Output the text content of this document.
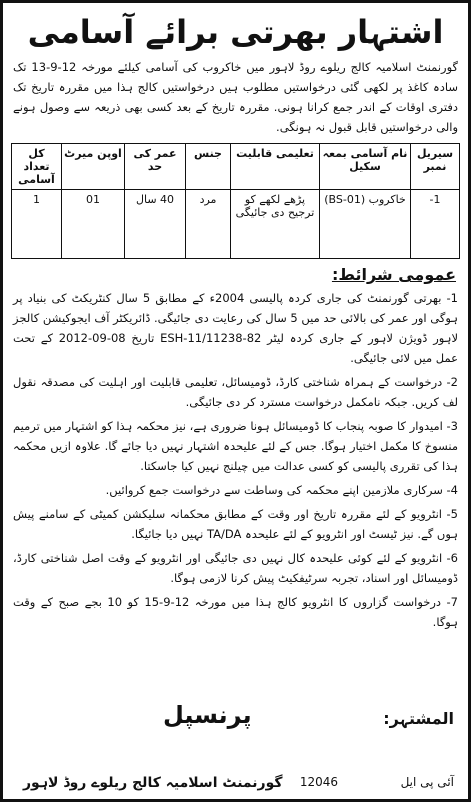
اشتہار بھرتی برائے آسامی
گورنمنٹ اسلامیہ کالج ریلوے روڈ لاہور میں خاکروب کی آسامی کیلئے مورخہ 12-9-13 تک سادہ کاغذ پر لکھی گئی درخواستیں مطلوب ہیں درخواستیں کالج ہذا میں مقررہ تاریخ تک دفتری اوقات کے اندر جمع کرانا ہونی. مقررہ تاریخ کے بعد کسی بھی ذریعہ سے وصول ہونے والی درخواستیں قابل قبول نہ ہونگی.
سیریل نمبر	نام آسامی بمعہ سکیل	تعلیمی قابلیت	جنس	عمر کی حد	اوپن میرٹ	کل تعداد آسامی
1-	خاکروب (BS-01)	پڑھے لکھے کو ترجیح دی جائیگی	مرد	40 سال	01	1
عمومی شرائط:
1- بھرتی گورنمنٹ کی جاری کردہ پالیسی 2004ء کے مطابق 5 سال کنٹریکٹ کی بنیاد پر ہوگی اور عمر کی بالائی حد میں 5 سال کی رعایت دی جائیگی. ڈائریکٹر آف ایجوکیشن کالجز لاہور ڈویژن لاہور کے جاری کردہ لیٹر ESH-11/11238-82 تاریخ 08-09-2012 کے تحت عمل میں لائی جائیگی.
2- درخواست کے ہمراہ شناختی کارڈ، ڈومیسائل، تعلیمی قابلیت اور اہلیت کی مصدقہ نقول لف کریں. جبکہ نامکمل درخواست مسترد کر دی جائیگی.
3- امیدوار کا صوبہ پنجاب کا ڈومیسائل ہونا ضروری ہے، نیز محکمہ ہذا کو اشتہار میں ترمیم منسوخ کا مکمل اختیار ہوگا. جس کے لئے علیحدہ اشتہار نہیں دیا جائے گا. علاوہ ازیں محکمہ ہذا کی تقرری پالیسی کو کسی عدالت میں چیلنج نہیں کیا جاسکتا.
4- سرکاری ملازمین اپنے محکمہ کی وساطت سے درخواست جمع کروائیں.
5- انٹرویو کے لئے مقررہ تاریخ اور وقت کے مطابق محکمانہ سلیکشن کمیٹی کے سامنے پیش ہوں گے. نیز ٹیسٹ اور انٹرویو کے لئے علیحدہ TA/DA نہیں دیا جائیگا.
6- انٹرویو کے لئے کوئی علیحدہ کال نہیں دی جائیگی اور انٹرویو کے وقت اصل شناختی کارڈ، ڈومیسائل اور اسناد، تجربہ سرٹیفکیٹ پیش کرنا لازمی ہوگا.
7- درخواست گزاروں کا انٹرویو کالج ہذا میں مورخہ 12-9-15 کو 10 بجے صبح کے وقت ہوگا.
المشتہر:
پرنسپل
آئی پی ایل
12046
گورنمنٹ اسلامیہ کالج ریلوے روڈ لاہور
